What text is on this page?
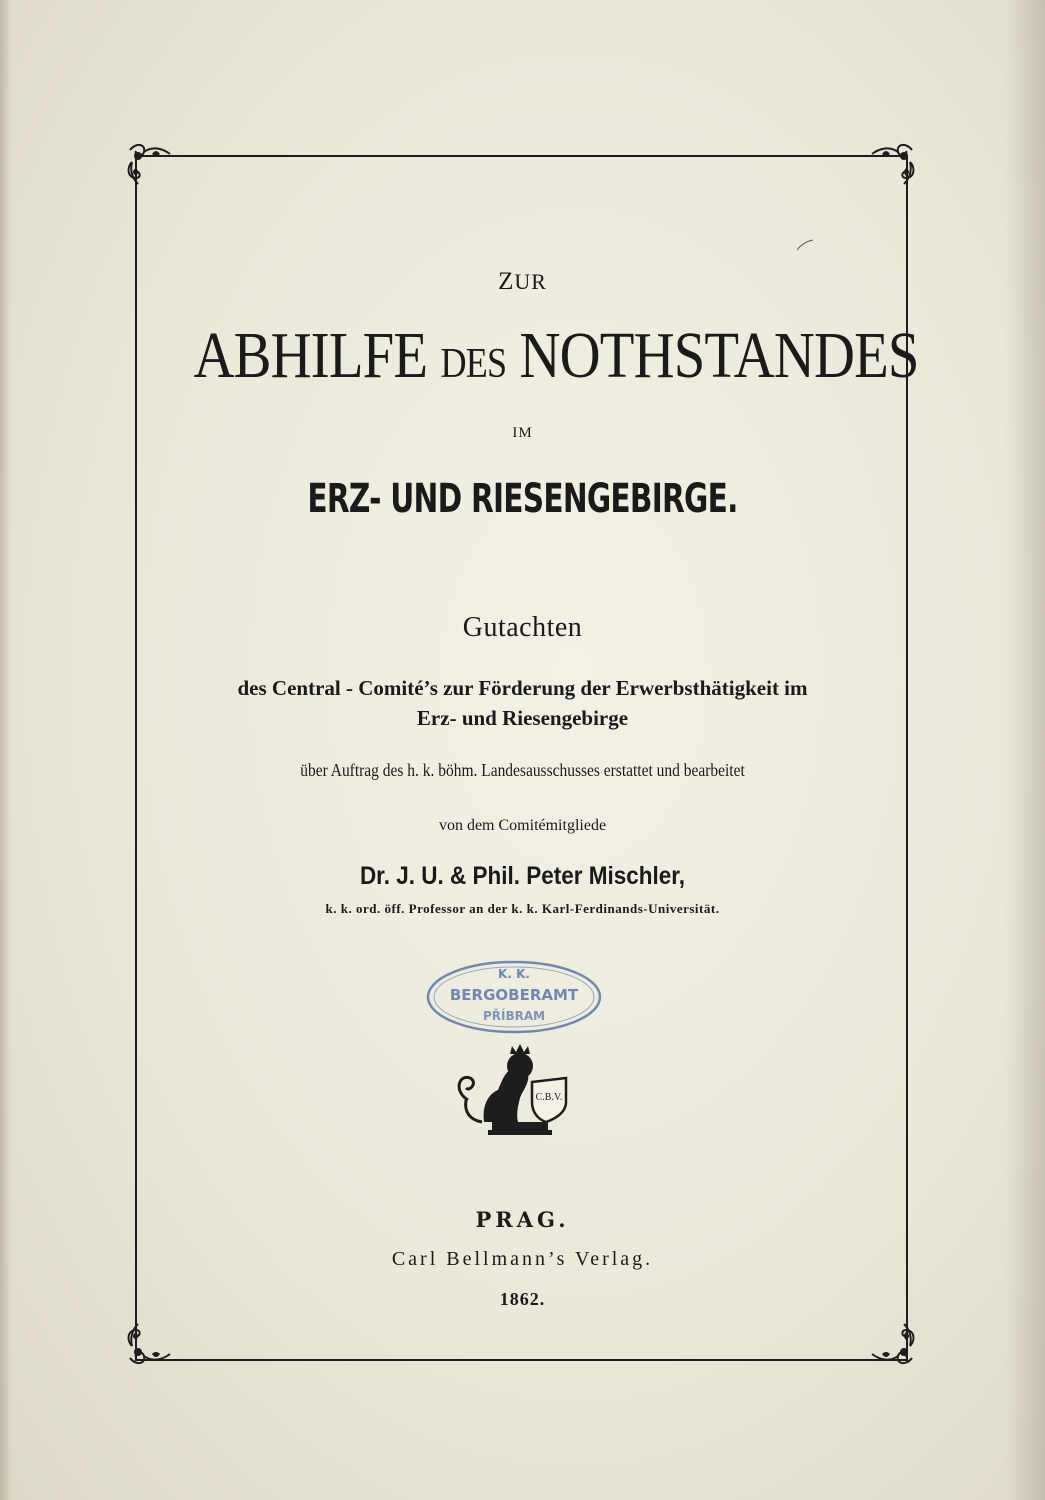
ZUR
ABHILFE DES NOTHSTANDES
IM
ERZ- UND RIESENGEBIRGE.
Gutachten
des Central - Comité’s zur Förderung der Erwerbsthätigkeit im
Erz- und Riesengebirge
über Auftrag des h. k. böhm. Landesausschusses erstattet und bearbeitet
von dem Comitémitgliede
Dr. J. U. & Phil. Peter Mischler,
k. k. ord. öff. Professor an der k. k. Karl-Ferdinands-Universität.
K. K.
BERGOBERAMT
PŘÍBRAM
C.B.V.
PRAG.
Carl Bellmann’s Verlag.
1862.
